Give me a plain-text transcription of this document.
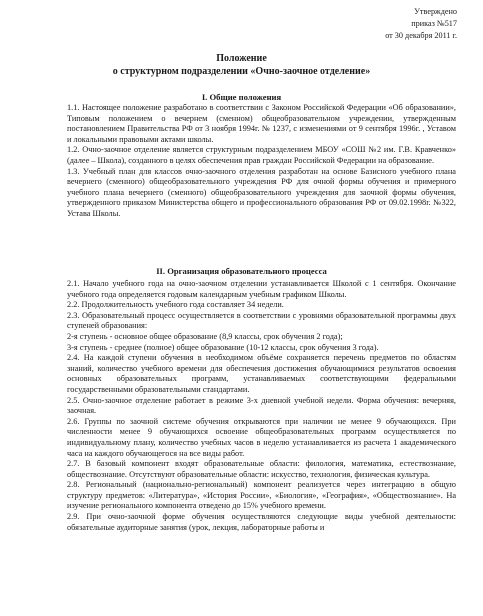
Утверждено
приказ №517
от 30 декабря 2011 г.
Положение
о структурном подразделении «Очно-заочное отделение»
I. Общие положения

1.1. Настоящее положение разработано в соответствии с Законом Российской Федерации «Об образовании», Типовым положением о вечернем (сменном) общеобразовательном учреждении, утвержденным постановлением Правительства РФ от 3 ноября 1994г. № 1237, с изменениями от 9 сентября 1996г. , Уставом и локальными правовыми актами школы.

1.2. Очно-заочное отделение является структурным подразделением МБОУ «СОШ №2 им. Г.В. Кравченко» (далее – Школа), созданного в целях обеспечения прав граждан Российской Федерации на образование.

1.3. Учебный план для классов очно-заочного отделения разработан на основе Базисного учебного плана вечернего (сменного) общеобразовательного учреждения РФ для очной формы обучения и примерного учебного плана вечернего (сменного) общеобразовательного учреждения для заочной формы обучения, утвержденного приказом Министерства общего и профессионального образования РФ от 09.02.1998г. №322, Устава Школы.

II. Организация образовательного процесса

2.1. Начало учебного года на очно-заочном отделении устанавливается Школой с 1 сентября. Окончание учебного года определяется годовым календарным учебным графиком Школы.

2.2. Продолжительность учебного года составляет 34 недели.

2.3. Образовательный процесс осуществляется в соответствии с уровнями образовательной программы двух ступеней образования:

2-я ступень - основное общее образование (8,9 классы, срок обучения 2 года);

3-я ступень - среднее (полное) общее образование (10-12 классы, срок обучения 3 года).

2.4. На каждой ступени обучения в необходимом объёме сохраняется перечень предметов по областям знаний, количество учебного времени для обеспечения достижения обучающимися результатов освоения основных образовательных программ, устанавливаемых соответствующими федеральными государственными образовательными стандартами.

2.5. Очно-заочное отделение работает в режиме 3-х дневной учебной недели. Форма обучения: вечерняя, заочная.

2.6. Группы по заочной системе обучения открываются при наличии не менее 9 обучающихся. При численности менее 9 обучающихся освоение общеобразовательных программ осуществляется по индивидуальному плану, количество учебных часов в неделю устанавливается из расчета 1 академического часа на каждого обучающегося на все виды работ.

2.7. В базовый компонент входят образовательные области: филология, математика, естествознание, обществознание. Отсутствуют образовательные области: искусство, технология, физическая культура.

2.8. Региональный (национально-региональный) компонент реализуется через интеграцию в общую структуру предметов: «Литература», «История России», «Биология», «География», «Обществознание». На изучение регионального компонента отведено до 15% учебного времени.

2.9. При очно-заочной форме обучения осуществляются следующие виды учебной деятельности: обязательные аудиторные занятия (урок, лекция, лабораторные работы и
